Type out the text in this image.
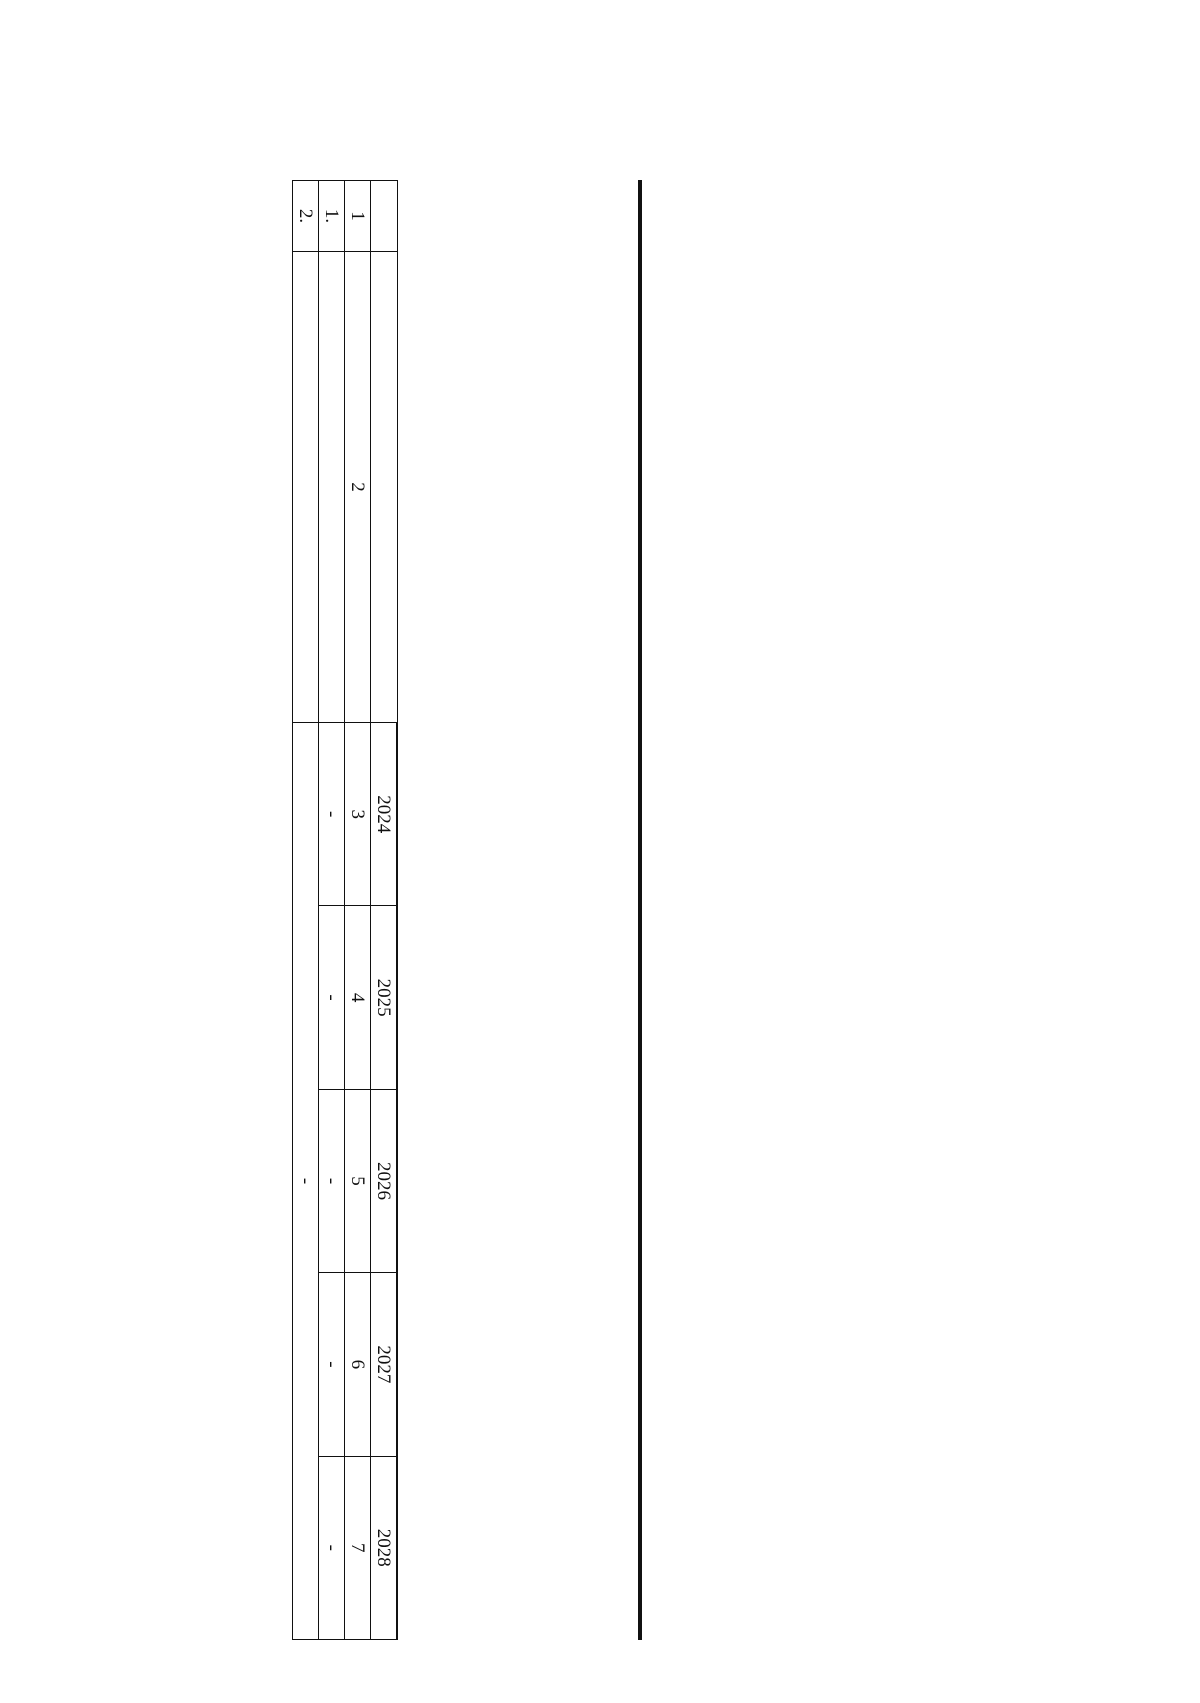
		2024	2025	2026	2027	2028
1	2	3	4	5	6	7
1.		-	-	-	-	-
2.		-				
